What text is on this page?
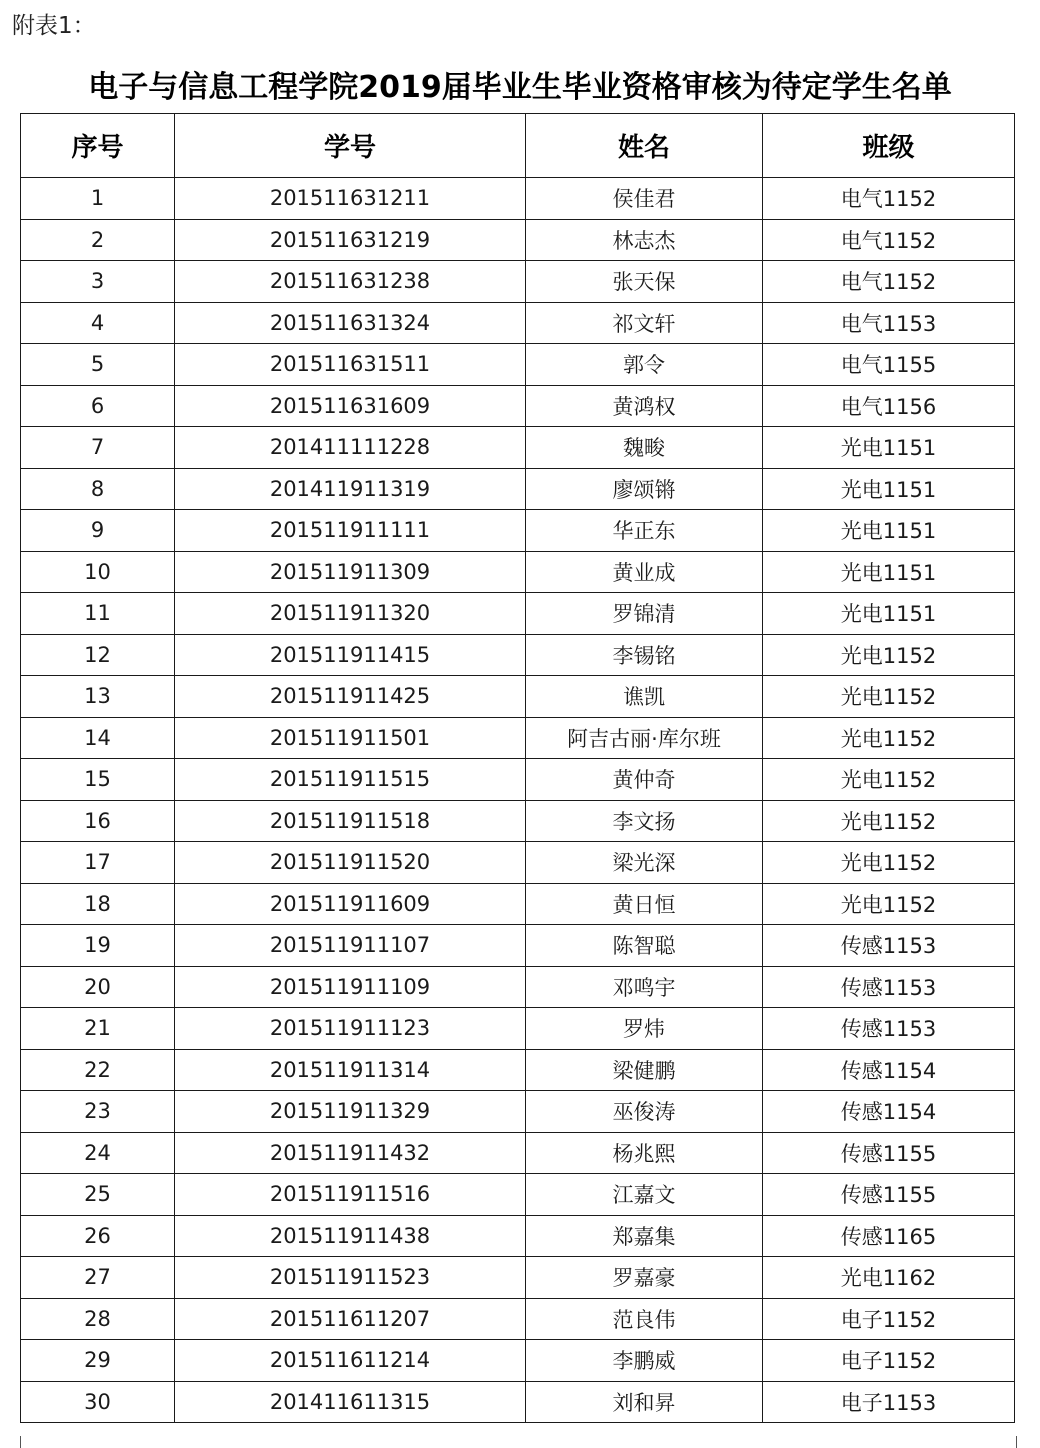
附表1：
电子与信息工程学院2019届毕业生毕业资格审核为待定学生名单
序号	学号	姓名	班级
1	201511631211	侯佳君	电气1152
2	201511631219	林志杰	电气1152
3	201511631238	张天保	电气1152
4	201511631324	祁文轩	电气1153
5	201511631511	郭令	电气1155
6	201511631609	黄鸿权	电气1156
7	201411111228	魏畯	光电1151
8	201411911319	廖颂锵	光电1151
9	201511911111	华正东	光电1151
10	201511911309	黄业成	光电1151
11	201511911320	罗锦清	光电1151
12	201511911415	李锡铭	光电1152
13	201511911425	谯凯	光电1152
14	201511911501	阿吉古丽·库尔班	光电1152
15	201511911515	黄仲奇	光电1152
16	201511911518	李文扬	光电1152
17	201511911520	梁光深	光电1152
18	201511911609	黄日恒	光电1152
19	201511911107	陈智聪	传感1153
20	201511911109	邓鸣宇	传感1153
21	201511911123	罗炜	传感1153
22	201511911314	梁健鹏	传感1154
23	201511911329	巫俊涛	传感1154
24	201511911432	杨兆熙	传感1155
25	201511911516	江嘉文	传感1155
26	201511911438	郑嘉集	传感1165
27	201511911523	罗嘉豪	光电1162
28	201511611207	范良伟	电子1152
29	201511611214	李鹏威	电子1152
30	201411611315	刘和昇	电子1153
